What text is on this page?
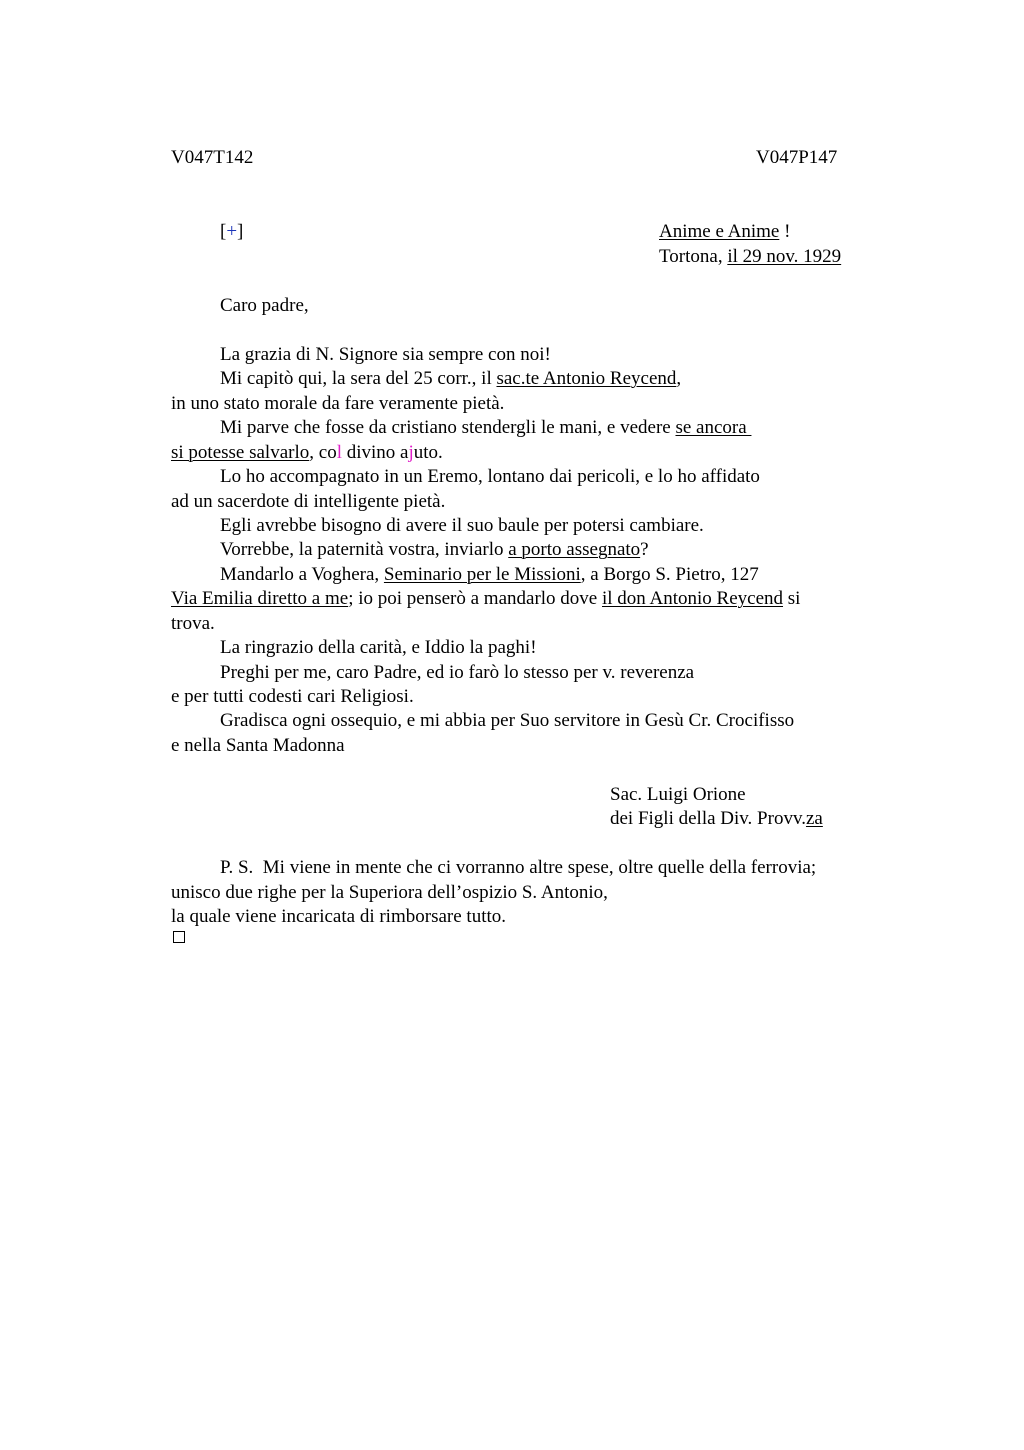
V047T142	V047P147
[+]	Anime e Anime !
Tortona, il 29 nov. 1929
Caro padre,
La grazia di N. Signore sia sempre con noi!
Mi capitò qui, la sera del 25 corr., il sac.te Antonio Reycend,
in uno stato morale da fare veramente pietà.
Mi parve che fosse da cristiano stendergli le mani, e vedere se ancora
si potesse salvarlo, col divino ajuto.
Lo ho accompagnato in un Eremo, lontano dai pericoli, e lo ho affidato
ad un sacerdote di intelligente pietà.
Egli avrebbe bisogno di avere il suo baule per potersi cambiare.
Vorrebbe, la paternità vostra, inviarlo a porto assegnato?
Mandarlo a Voghera, Seminario per le Missioni, a Borgo S. Pietro, 127
Via Emilia diretto a me; io poi penserò a mandarlo dove il don Antonio Reycend si
trova.
La ringrazio della carità, e Iddio la paghi!
Preghi per me, caro Padre, ed io farò lo stesso per v. reverenza
e per tutti codesti cari Religiosi.
Gradisca ogni ossequio, e mi abbia per Suo servitore in Gesù Cr. Crocifisso
e nella Santa Madonna
Sac. Luigi Orione
dei Figli della Div. Provv.za
P. S.  Mi viene in mente che ci vorranno altre spese, oltre quelle della ferrovia;
unisco due righe per la Superiora dell’ospizio S. Antonio,
la quale viene incaricata di rimborsare tutto.
